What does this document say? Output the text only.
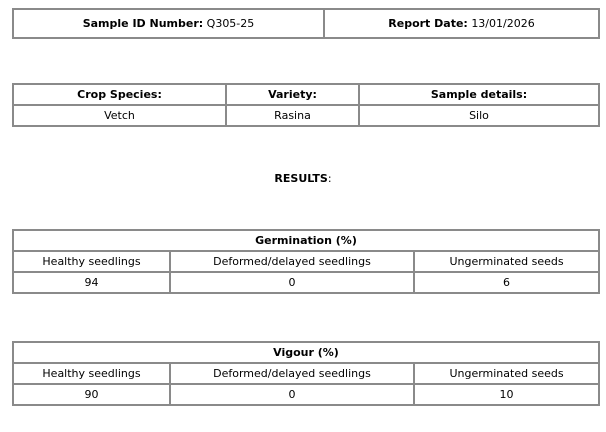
Sample ID Number: Q305-25	Report Date: 13/01/2026
Crop Species:	Variety:	Sample details:
Vetch	Rasina	Silo
RESULTS:
Germination (%)		
Healthy seedlings	Deformed/delayed seedlings	Ungerminated seeds
94	0	6
Vigour (%)		
Healthy seedlings	Deformed/delayed seedlings	Ungerminated seeds
90	0	10
